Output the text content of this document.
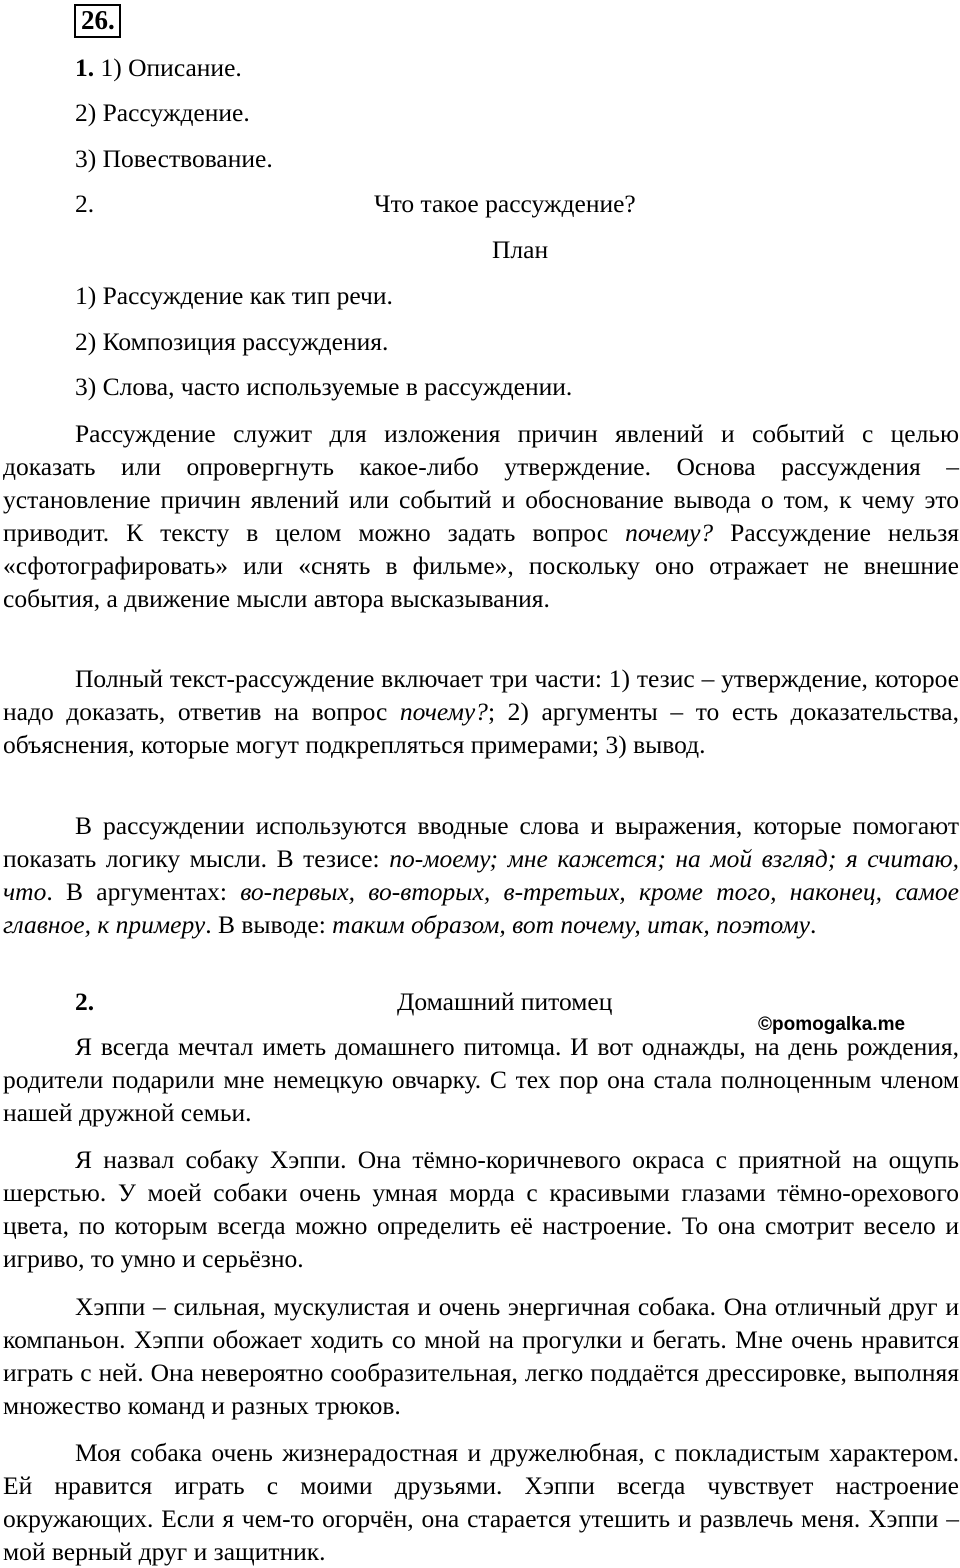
26.
1. 1) Описание.
2) Рассуждение.
3) Повествование.
2.	Что такое рассуждение?
План
1) Рассуждение как тип речи.
2) Композиция рассуждения.
3) Слова, часто используемые в рассуждении.
Рассуждение служит для изложения причин явлений и событий с целью доказать или опровергнуть какое-либо утверждение. Основа рассуждения – установление причин явлений или событий и обоснование вывода о том, к чему это приводит. К тексту в целом можно задать вопрос почему? Рассуждение нельзя «сфотографировать» или «снять в фильме», поскольку оно отражает не внешние события, а движение мысли автора высказывания.
Полный текст-рассуждение включает три части: 1) тезис – утверждение, которое надо доказать, ответив на вопрос почему?; 2) аргументы – то есть доказательства, объяснения, которые могут подкрепляться примерами; 3) вывод.
В рассуждении используются вводные слова и выражения, которые помогают показать логику мысли. В тезисе: по-моему; мне кажется; на мой взгляд; я считаю, что. В аргументах: во-первых, во-вторых, в-третьих, кроме того, наконец, самое главное, к примеру. В выводе: таким образом, вот почему, итак, поэтому.
2.	Домашний питомец
©pomogalka.me
Я всегда мечтал иметь домашнего питомца. И вот однажды, на день рождения, родители подарили мне немецкую овчарку. С тех пор она стала полноценным членом нашей дружной семьи.
Я назвал собаку Хэппи. Она тёмно-коричневого окраса с приятной на ощупь шерстью. У моей собаки очень умная морда с красивыми глазами тёмно-орехового цвета, по которым всегда можно определить её настроение. То она смотрит весело и игриво, то умно и серьёзно.
Хэппи – сильная, мускулистая и очень энергичная собака. Она отличный друг и компаньон. Хэппи обожает ходить со мной на прогулки и бегать. Мне очень нравится играть с ней. Она невероятно сообразительная, легко поддаётся дрессировке, выполняя множество команд и разных трюков.
Моя собака очень жизнерадостная и дружелюбная, с покладистым характером. Ей нравится играть с моими друзьями. Хэппи всегда чувствует настроение окружающих. Если я чем-то огорчён, она старается утешить и развлечь меня. Хэппи – мой верный друг и защитник.
